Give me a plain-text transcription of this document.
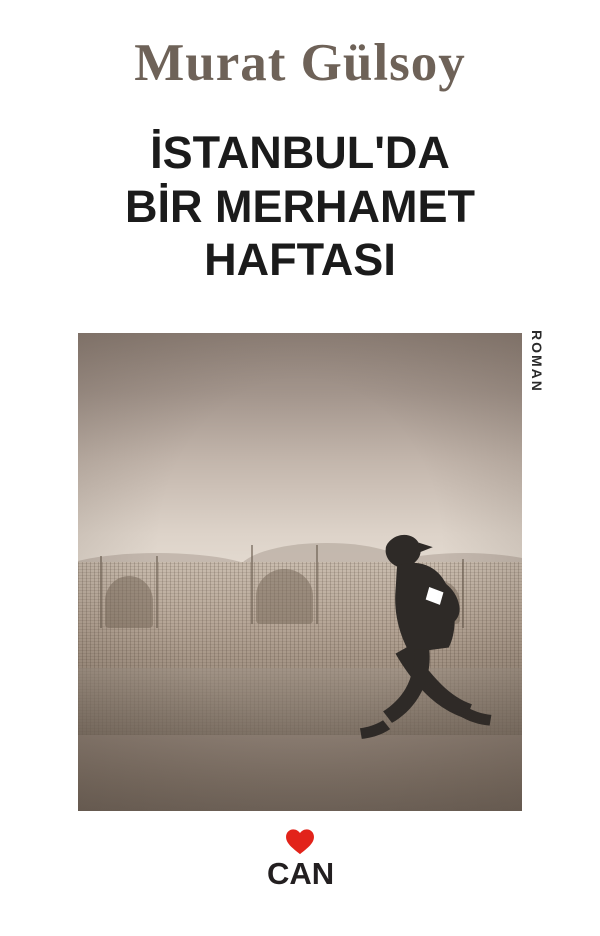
Murat Gülsoy
İSTANBUL'DA
BİR MERHAMET
HAFTASI
ROMAN
CAN
